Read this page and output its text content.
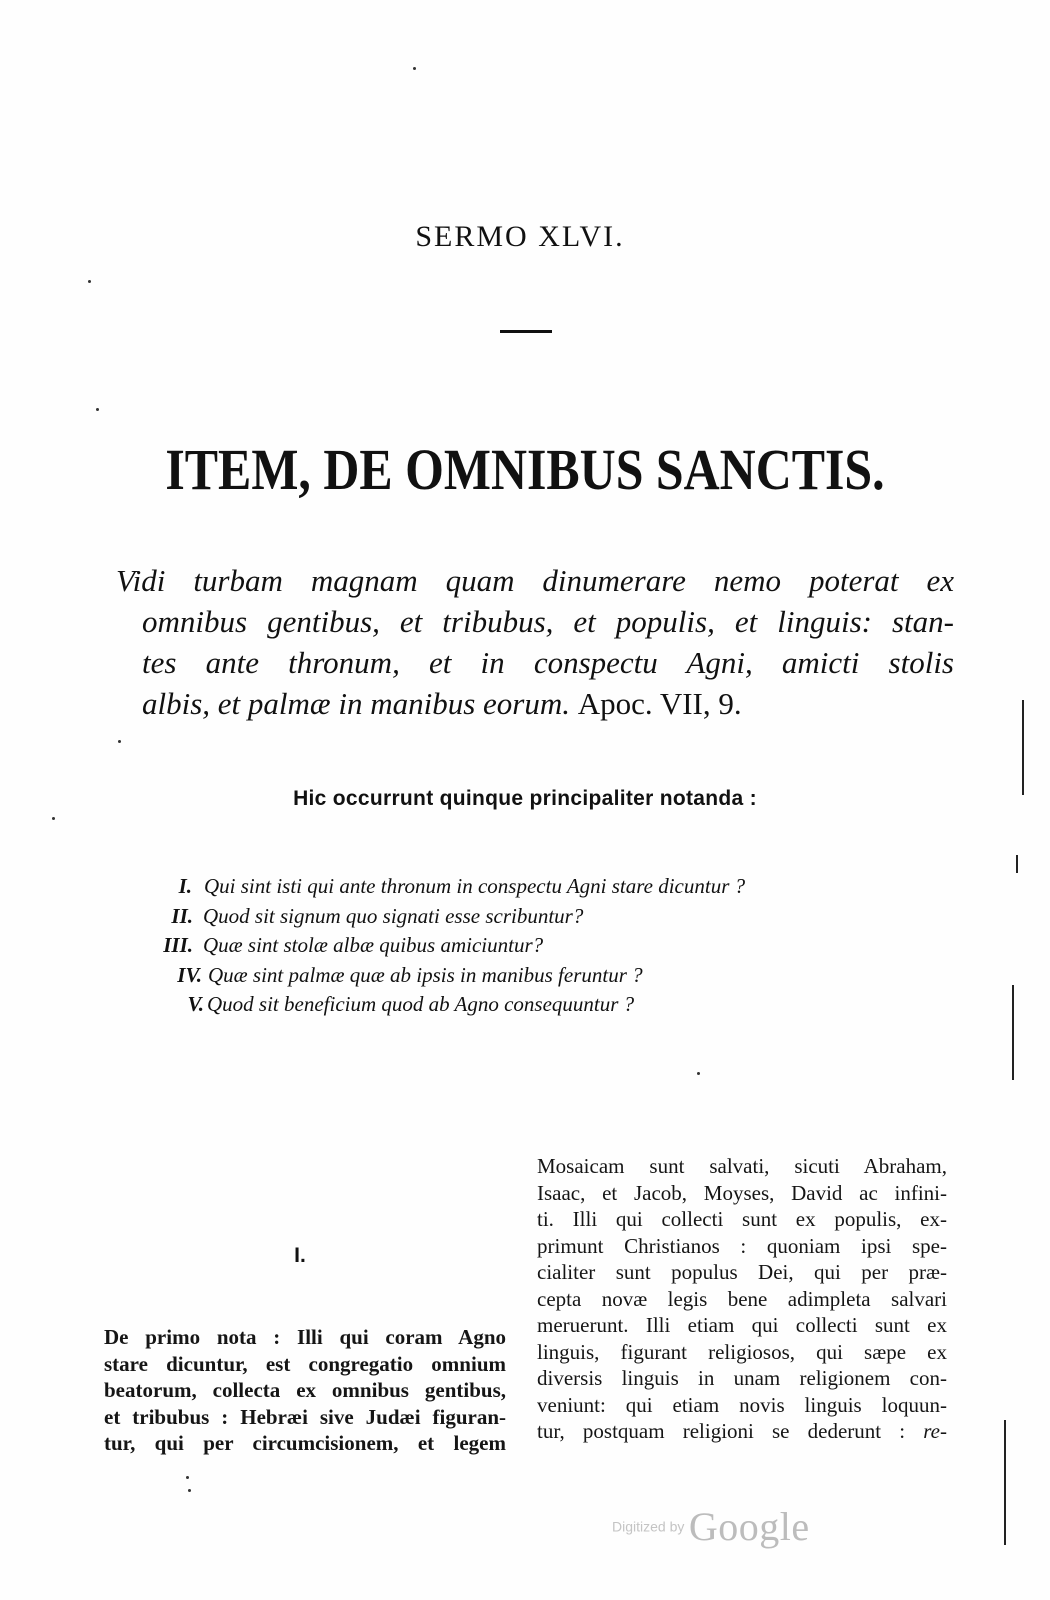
SERMO XLVI.
ITEM, DE OMNIBUS SANCTIS.
Vidi turbam magnam quam dinumerare nemo poterat ex
omnibus gentibus, et tribubus, et populis, et linguis: stan-
tes ante thronum, et in conspectu Agni, amicti stolis
albis, et palmæ in manibus eorum. Apoc. VII, 9.
Hic occurrunt quinque principaliter notanda :
I. Qui sint isti qui ante thronum in conspectu Agni stare dicuntur ?
II. Quod sit signum quo signati esse scribuntur?
III. Quæ sint stolæ albæ quibus amiciuntur?
IV. Quæ sint palmæ quæ ab ipsis in manibus feruntur ?
V. Quod sit beneficium quod ab Agno consequuntur ?
I.
De primo nota : Illi qui coram Agno
stare dicuntur, est congregatio omnium
beatorum, collecta ex omnibus gentibus,
et tribubus : Hebræi sive Judæi figuran-
tur, qui per circumcisionem, et legem
Mosaicam sunt salvati, sicuti Abraham,
Isaac, et Jacob, Moyses, David ac infini-
ti. Illi qui collecti sunt ex populis, ex-
primunt Christianos : quoniam ipsi spe-
cialiter sunt populus Dei, qui per præ-
cepta novæ legis bene adimpleta salvari
meruerunt. Illi etiam qui collecti sunt ex
linguis, figurant religiosos, qui sæpe ex
diversis linguis in unam religionem con-
veniunt: qui etiam novis linguis loquun-
tur, postquam religioni se dederunt : re-
Digitized by Google
